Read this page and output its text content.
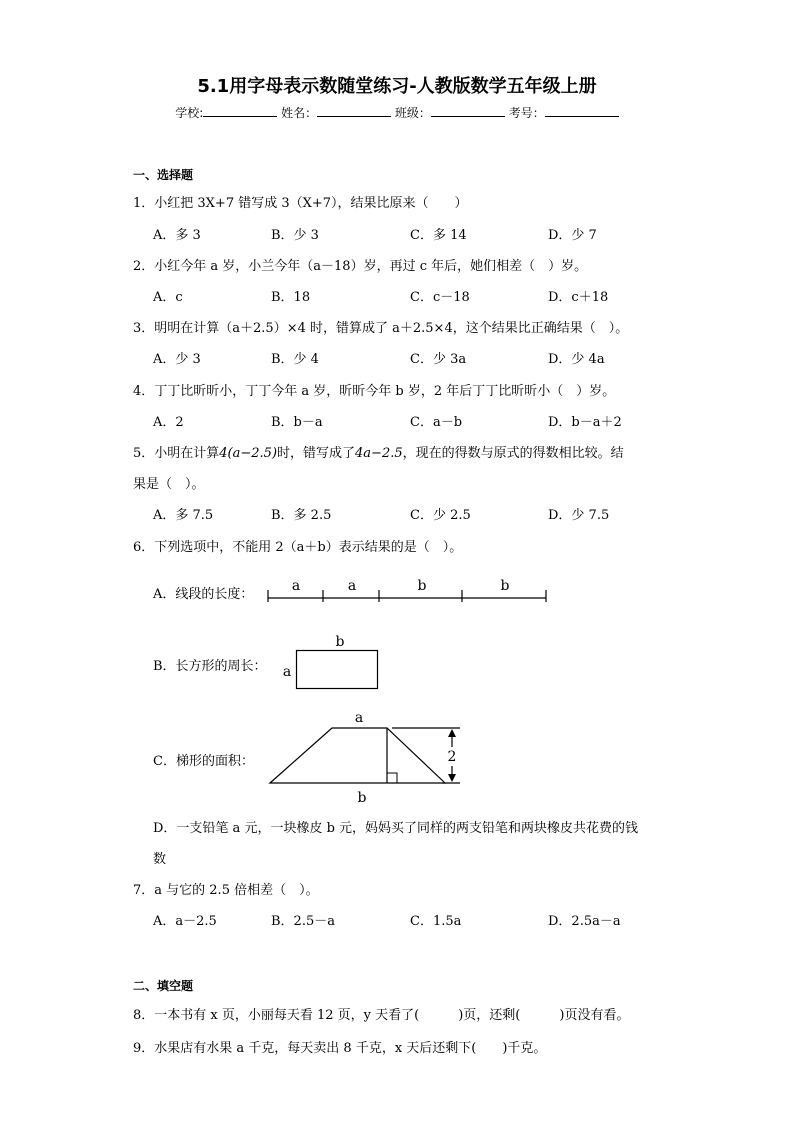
5.1用字母表示数随堂练习-人教版数学五年级上册
学校:	姓名：	班级：	考号：
一、选择题
1．小红把 3X+7 错写成 3（X+7），结果比原来（　　）
A．多 3	B．少 3	C．多 14	D．少 7
2．小红今年 a 岁，小兰今年（a－18）岁，再过 c 年后，她们相差（　）岁。
A．c	B．18	C．c－18	D．c＋18
3．明明在计算（a＋2.5）×4 时，错算成了 a＋2.5×4，这个结果比正确结果（　）。
A．少 3	B．少 4	C．少 3a	D．少 4a
4．丁丁比昕昕小，丁丁今年 a 岁，昕昕今年 b 岁，2 年后丁丁比昕昕小（　）岁。
A．2	B．b－a	C．a－b	D．b－a＋2
5．小明在计算4(a−2.5)时，错写成了4a−2.5，现在的得数与原式的得数相比较。结
果是（　）。
A．多 7.5	B．多 2.5	C．少 2.5	D．少 7.5
6．下列选项中，不能用 2（a＋b）表示结果的是（　）。
A．线段的长度：
a	a	b	b
B．长方形的周长：
b
a
C．梯形的面积：	2
a
b
D．一支铅笔 a 元，一块橡皮 b 元，妈妈买了同样的两支铅笔和两块橡皮共花费的钱
数
7．a 与它的 2.5 倍相差（　）。
A．a－2.5	B．2.5－a	C．1.5a	D．2.5a－a
二、填空题
8．一本书有 x 页，小丽每天看 12 页，y 天看了(　　　)页，还剩(　　　)页没有看。
9．水果店有水果 a 千克，每天卖出 8 千克，x 天后还剩下(　　)千克。
